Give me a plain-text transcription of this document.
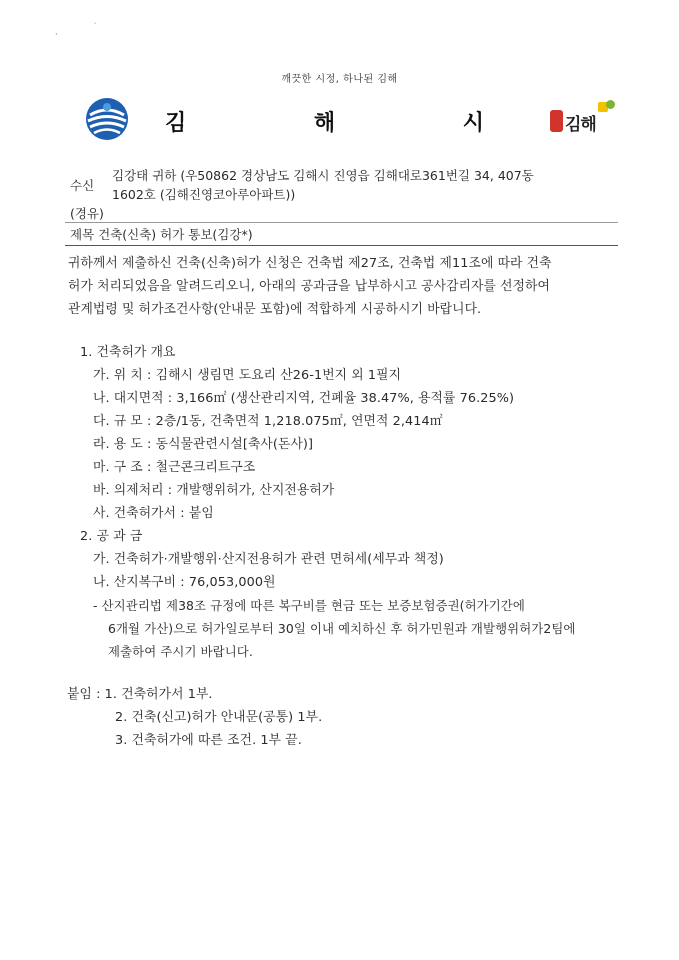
·
˙
깨끗한 시정, 하나된 김해
김 해 시	김해
수신
김강태 귀하 (우50862 경상남도 김해시 진영읍 김해대로361번길 34, 407동
1602호 (김해진영코아루아파트))
(경유)
제목 건축(신축) 허가 통보(김강*)
귀하께서 제출하신 건축(신축)허가 신청은 건축법 제27조, 건축법 제11조에 따라 건축
허가 처리되었음을 알려드리오니, 아래의 공과금을 납부하시고 공사감리자를 선정하여
관계법령 및 허가조건사항(안내문 포함)에 적합하게 시공하시기 바랍니다.
1. 건축허가 개요
가. 위 치 : 김해시 생림면 도요리 산26-1번지 외 1필지
나. 대지면적 : 3,166㎡ (생산관리지역, 건폐율 38.47%, 용적률 76.25%)
다. 규 모 : 2층/1동, 건축면적 1,218.075㎡, 연면적 2,414㎡
라. 용 도 : 동식물관련시설[축사(돈사)]
마. 구 조 : 철근콘크리트구조
바. 의제처리 : 개발행위허가, 산지전용허가
사. 건축허가서 : 붙임
2. 공 과 금
가. 건축허가·개발행위·산지전용허가 관련 면허세(세무과 책정)
나. 산지복구비 : 76,053,000원
- 산지관리법 제38조 규정에 따른 복구비를 현금 또는 보증보험증권(허가기간에
6개월 가산)으로 허가일로부터 30일 이내 예치하신 후 허가민원과 개발행위허가2팀에
제출하여 주시기 바랍니다.
붙임 : 1. 건축허가서 1부.
2. 건축(신고)허가 안내문(공통) 1부.
3. 건축허가에 따른 조건. 1부 끝.
